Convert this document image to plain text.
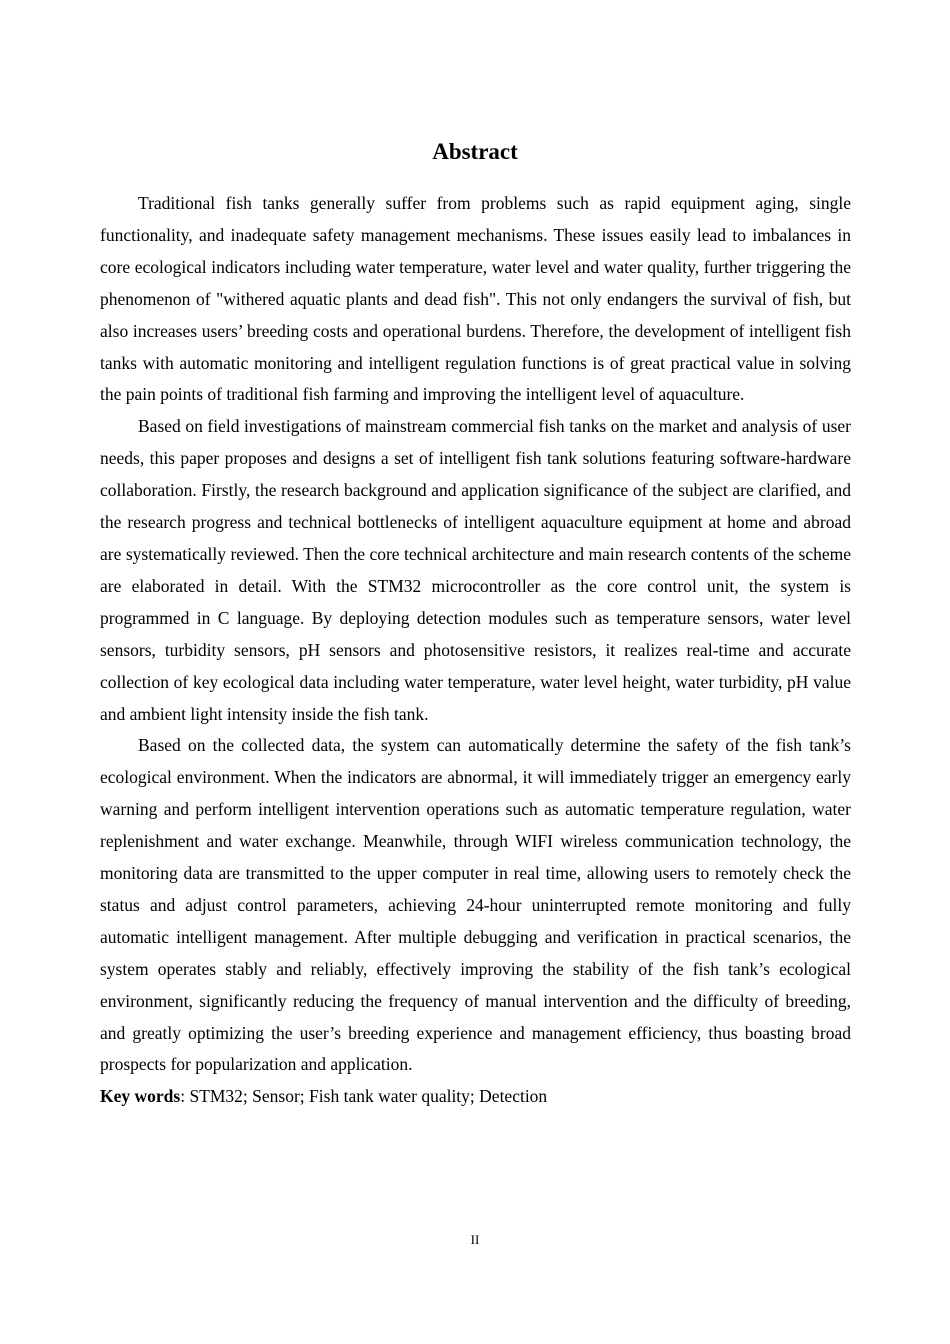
Abstract

Traditional fish tanks generally suffer from problems such as rapid equipment aging, single functionality, and inadequate safety management mechanisms. These issues easily lead to imbalances in core ecological indicators including water temperature, water level and water quality, further triggering the phenomenon of "withered aquatic plants and dead fish". This not only endangers the survival of fish, but also increases users’ breeding costs and operational burdens. Therefore, the development of intelligent fish tanks with automatic monitoring and intelligent regulation functions is of great practical value in solving the pain points of traditional fish farming and improving the intelligent level of aquaculture.

Based on field investigations of mainstream commercial fish tanks on the market and analysis of user needs, this paper proposes and designs a set of intelligent fish tank solutions featuring software-hardware collaboration. Firstly, the research background and application significance of the subject are clarified, and the research progress and technical bottlenecks of intelligent aquaculture equipment at home and abroad are systematically reviewed. Then the core technical architecture and main research contents of the scheme are elaborated in detail. With the STM32 microcontroller as the core control unit, the system is programmed in C language. By deploying detection modules such as temperature sensors, water level sensors, turbidity sensors, pH sensors and photosensitive resistors, it realizes real-time and accurate collection of key ecological data including water temperature, water level height, water turbidity, pH value and ambient light intensity inside the fish tank.

Based on the collected data, the system can automatically determine the safety of the fish tank’s ecological environment. When the indicators are abnormal, it will immediately trigger an emergency early warning and perform intelligent intervention operations such as automatic temperature regulation, water replenishment and water exchange. Meanwhile, through WIFI wireless communication technology, the monitoring data are transmitted to the upper computer in real time, allowing users to remotely check the status and adjust control parameters, achieving 24-hour uninterrupted remote monitoring and fully automatic intelligent management. After multiple debugging and verification in practical scenarios, the system operates stably and reliably, effectively improving the stability of the fish tank’s ecological environment, significantly reducing the frequency of manual intervention and the difficulty of breeding, and greatly optimizing the user’s breeding experience and management efficiency, thus boasting broad prospects for popularization and application.

Key words: STM32; Sensor; Fish tank water quality; Detection

II
